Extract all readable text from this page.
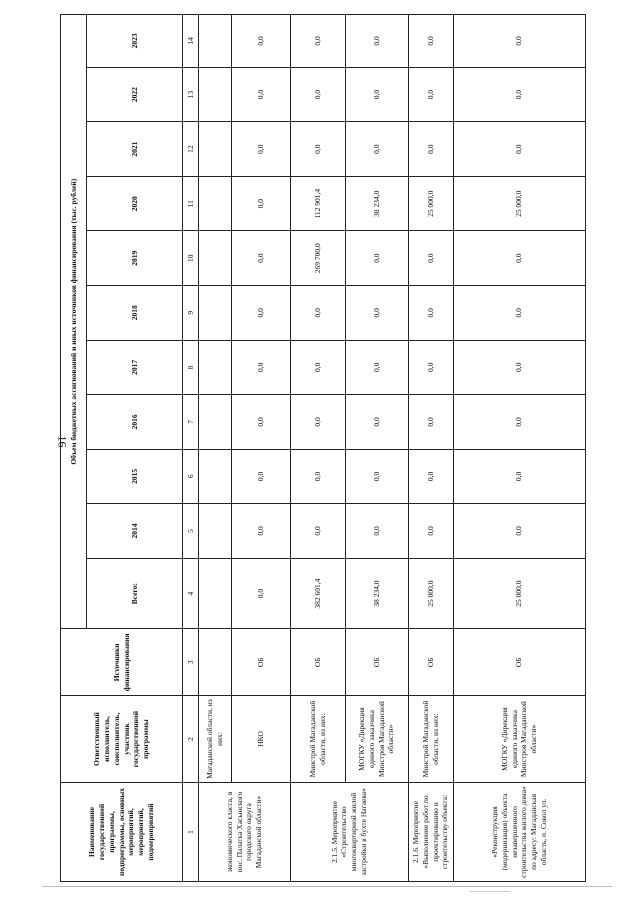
16
Наименование государственной программы, подпрограммы, основных мероприятий, мероприятий, подмероприятий	Ответственный исполнитель, соисполнитель, участник государственной программы	Источники финансирования	Объем бюджетных ассигнований и иных источников финансирования (тыс. рублей)										
			Всего:	2014	2015	2016	2017	2018	2019	2020	2021	2022	2023
1	2	3	4	5	6	7	8	9	10	11	12	13	14
экономического класса, в пос. Палатка Хасынского городского округа Магаданской области»	Магаданской области, из них:												
	НКО	ОБ	0,0	0,0	0,0	0,0	0,0	0,0	0,0	0,0	0,0	0,0	0,0
2.1.5. Мероприятие «Строительство многоквартирной жилой застройки в бухте Нагаева»	Минстрой Магаданской области, из них:	ОБ	382 601,4	0,0	0,0	0,0	0,0	0,0	269 700,0	112 901,4	0,0	0,0	0,0
	МОГКУ «Дирекция единого заказчика Минстроя Магаданской области»	ОБ	38 234,0	0,0	0,0	0,0	0,0	0,0	0,0	38 234,0	0,0	0,0	0,0
2.1.6. Мероприятие «Выполнение работ по проектированию и строительству объекта:	Минстрой Магаданской области, из них:	ОБ	25 000,0	0,0	0,0	0,0	0,0	0,0	0,0	25 000,0	0,0	0,0	0,0
«Реконструкция (модернизация) объекта незавершенного строительства жилого дома» по адресу: Магаданская область, п. Сокол ул.	МОГКУ «Дирекция единого заказчика Минстроя Магаданской области»	ОБ	25 000,0	0,0	0,0	0,0	0,0	0,0	0,0	25 000,0	0,0	0,0	0,0
